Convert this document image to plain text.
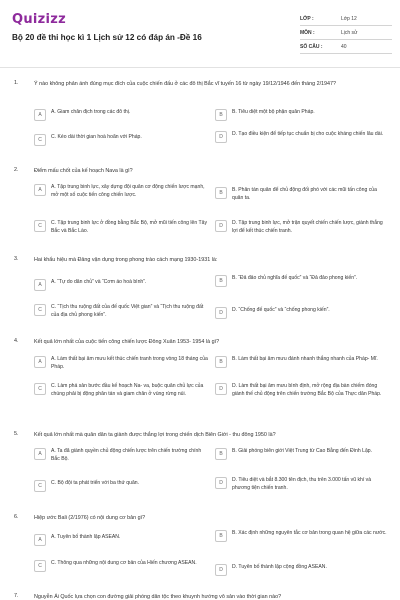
Quizizz
Bộ 20 đề thi học kì 1 Lịch sử 12 có đáp án -Đề 16
LỚP :	Lớp 12
MÔN :	Lịch sử
SỐ CÂU :	40
1.	Ý nào không phản ánh đúng mục đích của cuộc chiến đấu ở các đô thị Bắc vĩ tuyến 16 từ ngày 19/12/1946 đến tháng 2/1947?
A	A. Giam chân địch trong các đô thị.	B	B. Tiêu diệt một bộ phận quân Pháp.
C	C. Kéo dài thời gian hoà hoãn với Pháp.	D	D. Tạo điều kiện để tiếp tục chuẩn bị cho cuộc kháng chiến lâu dài.
2.	Điểm mấu chốt của kế hoạch Nava là gì?
A	A. Tập trung binh lực, xây dựng đội quân cơ động chiến lược mạnh, mở một số cuộc tiến công chiến lược.	B	B. Phân tán quân để chủ động đối phó với các mũi tấn công của quân ta.
C	C. Tập trung binh lực ở đồng bằng Bắc Bộ, mở mũi tiến công lên Tây Bắc và Bắc Lào.
D	D. Tập trung binh lực, mở trận quyết chiến chiến lược, giành thắng lợi để kết thúc chiến tranh.
3.	Hai khẩu hiệu mà Đảng vận dụng trong phong trào cách mạng 1930-1931 là:
A	A. “Tự do dân chủ” và “Cơm áo hoà bình”.	B	B. “Đả đảo chủ nghĩa đế quốc” và “Đả đảo phong kiến”.
C	C. “Tịch thu ruộng đất của đế quốc Việt gian” và “Tịch thu ruộng đất của địa chủ phong kiến”.	D	D. “Chống đế quốc” và “chống phong kiến”.
4.	Kết quả lớn nhất của cuộc tiến công chiến lược Đông Xuân 1953- 1954 là gì?
A	A. Làm thất bại âm mưu kết thúc chiến tranh trong vòng 18 tháng của Pháp.
B	B. Làm thất bại âm mưu đánh nhanh thắng nhanh của Pháp- Mĩ.
C	C. Làm phá sản bước đầu kế hoạch Na- va, buộc quân chủ lực của chúng phải bị động phân tán và giam chân ở vùng rừng núi.
D	D. Làm thất bại âm mưu bình định, mở rộng địa bàn chiếm đóng giành thế chủ động trên chiến trường Bắc Bộ của Thực dân Pháp.
5.	Kết quả lớn nhất mà quân dân ta giành được thắng lợi trong chiến dịch Biên Giới - thu đông 1950 là?
A	A. Ta đã giành quyền chủ động chiến lược trên chiến trường chính Bắc Bộ.
B	B. Giải phóng biên giới Việt Trung từ Cao Bằng đến Đình Lập.
C	C. Bộ đội ta phát triển với ba thứ quân.	D	D. Tiêu diệt và bắt 8.300 tên địch, thu trên 3.000 tấn vũ khí và phương tiện chiến tranh.
6.	Hiệp ước Bali (2/1976) có nội dung cơ bản gì?
A	A. Tuyên bố thành lập ASEAN.	B	B. Xác định những nguyên tắc cơ bản trong quan hệ giữa các nước.
C	C. Thông qua những nội dung cơ bản của Hiến chương ASEAN.
D	D. Tuyên bố thành lập cộng đồng ASEAN.
7.	Nguyễn Ái Quốc lựa chọn con đường giải phóng dân tộc theo khuynh hướng vô sản vào thời gian nào?
